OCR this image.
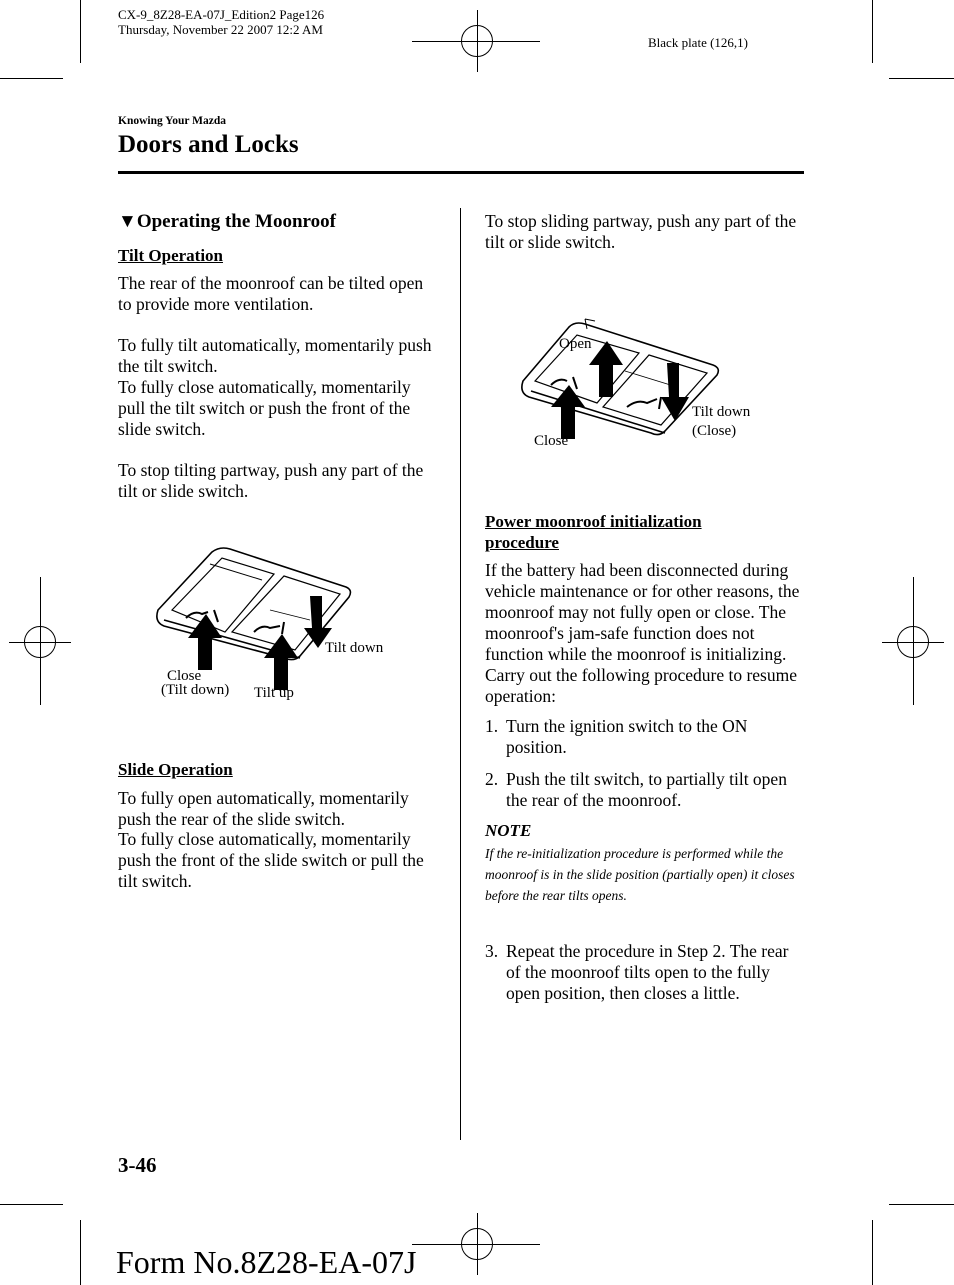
CX-9_8Z28-EA-07J_Edition2 Page126
Thursday, November 22 2007 12:2 AM
Black plate (126,1)
Knowing Your Mazda
Doors and Locks
▼Operating the Moonroof
Tilt Operation
The rear of the moonroof can be tilted open to provide more ventilation.
To fully tilt automatically, momentarily push the tilt switch.
To fully close automatically, momentarily pull the tilt switch or push the front of the slide switch.
To stop tilting partway, push any part of the tilt or slide switch.
Tilt down
Close
(Tilt down) Tilt up
Slide Operation
To fully open automatically, momentarily push the rear of the slide switch.
To fully close automatically, momentarily push the front of the slide switch or pull the tilt switch.
To stop sliding partway, push any part of the tilt or slide switch.
Open
Close
Tilt down
(Close)
Power moonroof initialization
procedure
If the battery had been disconnected during vehicle maintenance or for other reasons, the moonroof may not fully open or close. The moonroof's jam-safe function does not function while the moonroof is initializing. Carry out the following procedure to resume operation:
1. Turn the ignition switch to the ON position.
2. Push the tilt switch, to partially tilt open the rear of the moonroof.
NOTE
If the re-initialization procedure is performed while the moonroof is in the slide position (partially open) it closes before the rear tilts opens.
3. Repeat the procedure in Step 2. The rear of the moonroof tilts open to the fully open position, then closes a little.
3-46
Form No.8Z28-EA-07J
